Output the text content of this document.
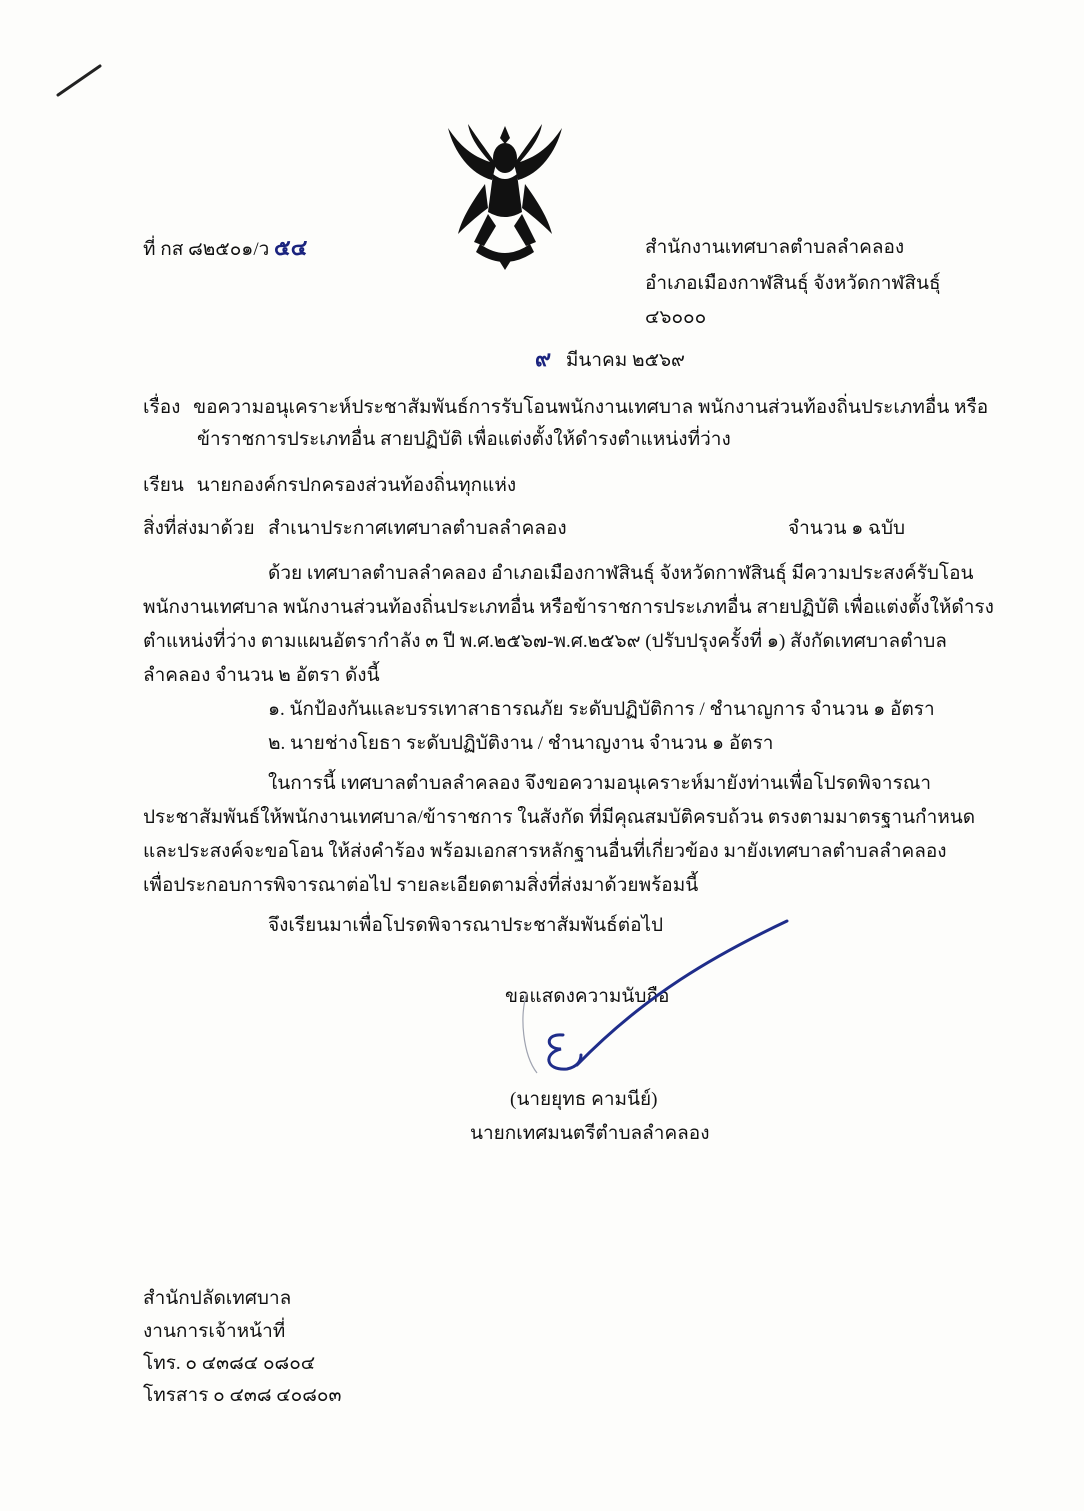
ที่ กส ๘๒๕๐๑/ว ๕๔	สำนักงานเทศบาลตำบลลำคลอง
อำเภอเมืองกาฬสินธุ์ จังหวัดกาฬสินธุ์
๔๖๐๐๐
๙ มีนาคม ๒๕๖๙
เรื่อง ขอความอนุเคราะห์ประชาสัมพันธ์การรับโอนพนักงานเทศบาล พนักงานส่วนท้องถิ่นประเภทอื่น หรือ
ข้าราชการประเภทอื่น สายปฏิบัติ เพื่อแต่งตั้งให้ดำรงตำแหน่งที่ว่าง
เรียน นายกองค์กรปกครองส่วนท้องถิ่นทุกแห่ง
สิ่งที่ส่งมาด้วย สำเนาประกาศเทศบาลตำบลลำคลอง	จำนวน ๑ ฉบับ
ด้วย เทศบาลตำบลลำคลอง อำเภอเมืองกาฬสินธุ์ จังหวัดกาฬสินธุ์ มีความประสงค์รับโอน
พนักงานเทศบาล พนักงานส่วนท้องถิ่นประเภทอื่น หรือข้าราชการประเภทอื่น สายปฏิบัติ เพื่อแต่งตั้งให้ดำรง
ตำแหน่งที่ว่าง ตามแผนอัตรากำลัง ๓ ปี พ.ศ.๒๕๖๗-พ.ศ.๒๕๖๙ (ปรับปรุงครั้งที่ ๑) สังกัดเทศบาลตำบล
ลำคลอง จำนวน ๒ อัตรา ดังนี้
๑. นักป้องกันและบรรเทาสาธารณภัย ระดับปฏิบัติการ / ชำนาญการ จำนวน ๑ อัตรา
๒. นายช่างโยธา ระดับปฏิบัติงาน / ชำนาญงาน จำนวน ๑ อัตรา
ในการนี้ เทศบาลตำบลลำคลอง จึงขอความอนุเคราะห์มายังท่านเพื่อโปรดพิจารณา
ประชาสัมพันธ์ให้พนักงานเทศบาล/ข้าราชการ ในสังกัด ที่มีคุณสมบัติครบถ้วน ตรงตามมาตรฐานกำหนด
และประสงค์จะขอโอน ให้ส่งคำร้อง พร้อมเอกสารหลักฐานอื่นที่เกี่ยวข้อง มายังเทศบาลตำบลลำคลอง
เพื่อประกอบการพิจารณาต่อไป รายละเอียดตามสิ่งที่ส่งมาด้วยพร้อมนี้
จึงเรียนมาเพื่อโปรดพิจารณาประชาสัมพันธ์ต่อไป
ขอแสดงความนับถือ
(นายยุทธ คามนีย์)
นายกเทศมนตรีตำบลลำคลอง
สำนักปลัดเทศบาล
งานการเจ้าหน้าที่
โทร. ๐ ๔๓๘๔ ๐๘๐๔
โทรสาร ๐ ๔๓๘ ๔๐๘๐๓
